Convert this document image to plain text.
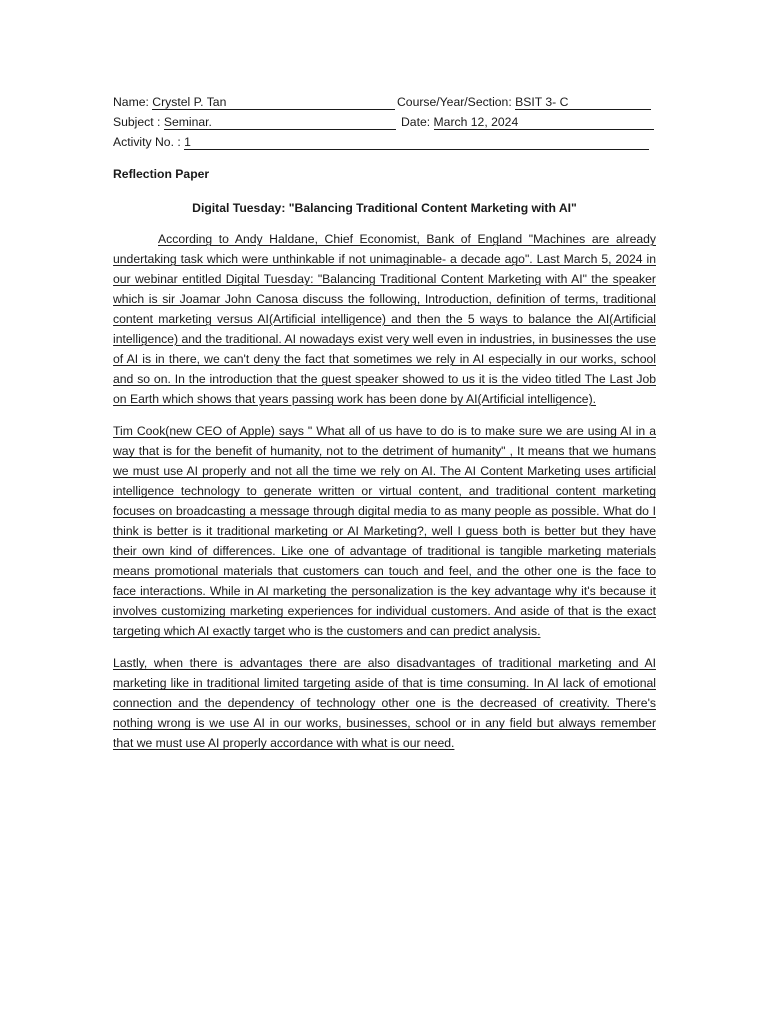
Name: Crystel P. Tan	Course/Year/Section: BSIT 3- C
Subject : Seminar.	Date: March 12, 2024
Activity No. : 1
Reflection Paper
Digital Tuesday: "Balancing Traditional Content Marketing with AI"

According to Andy Haldane, Chief Economist, Bank of England "Machines are already undertaking task which were unthinkable if not unimaginable- a decade ago". Last March 5, 2024 in our webinar entitled Digital Tuesday: "Balancing Traditional Content Marketing with AI" the speaker which is sir Joamar John Canosa discuss the following, Introduction, definition of terms, traditional content marketing versus AI(Artificial intelligence) and then the 5 ways to balance the AI(Artificial intelligence) and the traditional. AI nowadays exist very well even in industries, in businesses the use of AI is in there, we can't deny the fact that sometimes we rely in AI especially in our works, school and so on. In the introduction that the guest speaker showed to us it is the video titled The Last Job on Earth which shows that years passing work has been done by AI(Artificial intelligence).

Tim Cook(new CEO of Apple) says " What all of us have to do is to make sure we are using AI in a way that is for the benefit of humanity, not to the detriment of humanity" , It means that we humans we must use AI properly and not all the time we rely on AI. The AI Content Marketing uses artificial intelligence technology to generate written or virtual content, and traditional content marketing focuses on broadcasting a message through digital media to as many people as possible. What do I think is better is it traditional marketing or AI Marketing?, well I guess both is better but they have their own kind of differences. Like one of advantage of traditional is tangible marketing materials means promotional materials that customers can touch and feel, and the other one is the face to face interactions. While in AI marketing the personalization is the key advantage why it's because it involves customizing marketing experiences for individual customers. And aside of that is the exact targeting which AI exactly target who is the customers and can predict analysis.

Lastly, when there is advantages there are also disadvantages of traditional marketing and AI marketing like in traditional limited targeting aside of that is time consuming. In AI lack of emotional connection and the dependency of technology other one is the decreased of creativity. There's nothing wrong is we use AI in our works, businesses, school or in any field but always remember that we must use AI properly accordance with what is our need.
